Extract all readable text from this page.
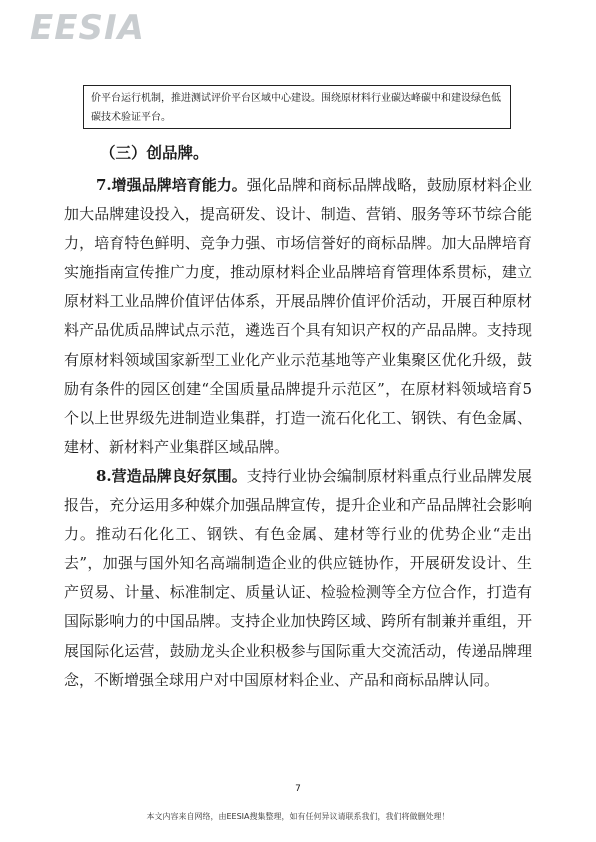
EESIA
价平台运行机制，推进测试评价平台区域中心建设。围绕原材料行业碳达峰碳中和建设绿色低碳技术验证平台。
（三）创品牌。

7.增强品牌培育能力。强化品牌和商标品牌战略，鼓励原材料企业加大品牌建设投入，提高研发、设计、制造、营销、服务等环节综合能力，培育特色鲜明、竞争力强、市场信誉好的商标品牌。加大品牌培育实施指南宣传推广力度，推动原材料企业品牌培育管理体系贯标，建立原材料工业品牌价值评估体系，开展品牌价值评价活动，开展百种原材料产品优质品牌试点示范，遴选百个具有知识产权的产品品牌。支持现有原材料领域国家新型工业化产业示范基地等产业集聚区优化升级，鼓励有条件的园区创建“全国质量品牌提升示范区”，在原材料领域培育5个以上世界级先进制造业集群，打造一流石化化工、钢铁、有色金属、建材、新材料产业集群区域品牌。

8.营造品牌良好氛围。支持行业协会编制原材料重点行业品牌发展报告，充分运用多种媒介加强品牌宣传，提升企业和产品品牌社会影响力。推动石化化工、钢铁、有色金属、建材等行业的优势企业“走出去”，加强与国外知名高端制造企业的供应链协作，开展研发设计、生产贸易、计量、标准制定、质量认证、检验检测等全方位合作，打造有国际影响力的中国品牌。支持企业加快跨区域、跨所有制兼并重组，开展国际化运营，鼓励龙头企业积极参与国际重大交流活动，传递品牌理念，不断增强全球用户对中国原材料企业、产品和商标品牌认同。

7
本文内容来自网络，由EESIA搜集整理，如有任何异议请联系我们，我们将做删处理！
